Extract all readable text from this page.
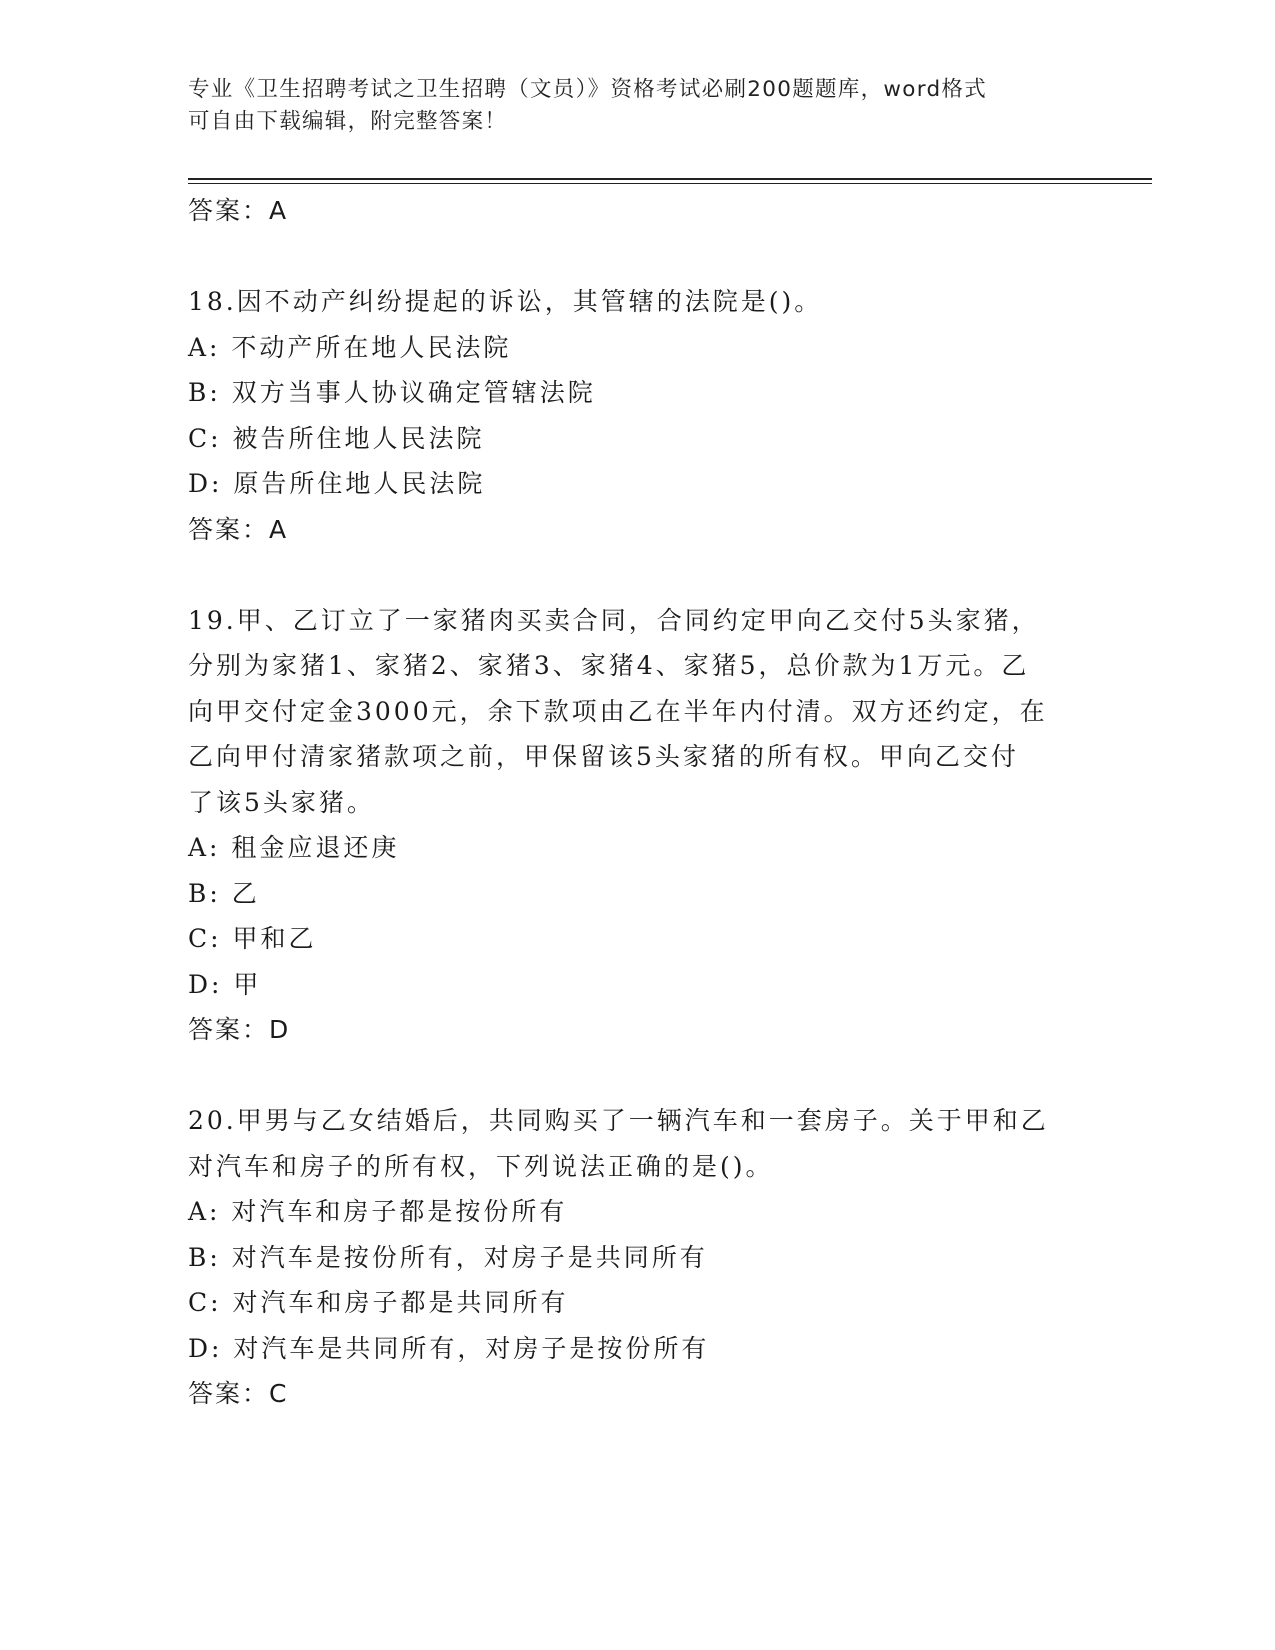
专业《卫生招聘考试之卫生招聘（文员）》资格考试必刷200题题库，word格式
可自由下载编辑，附完整答案！
答案：A
18.因不动产纠纷提起的诉讼，其管辖的法院是()。
A: 不动产所在地人民法院
B: 双方当事人协议确定管辖法院
C: 被告所住地人民法院
D: 原告所住地人民法院
答案：A
19.甲、乙订立了一家猪肉买卖合同，合同约定甲向乙交付5头家猪，
分别为家猪1、家猪2、家猪3、家猪4、家猪5，总价款为1万元。乙
向甲交付定金3000元，余下款项由乙在半年内付清。双方还约定，在
乙向甲付清家猪款项之前，甲保留该5头家猪的所有权。甲向乙交付
了该5头家猪。
A: 租金应退还庚
B: 乙
C: 甲和乙
D: 甲
答案：D
20.甲男与乙女结婚后，共同购买了一辆汽车和一套房子。关于甲和乙
对汽车和房子的所有权，下列说法正确的是()。
A: 对汽车和房子都是按份所有
B: 对汽车是按份所有，对房子是共同所有
C: 对汽车和房子都是共同所有
D: 对汽车是共同所有，对房子是按份所有
答案：C
